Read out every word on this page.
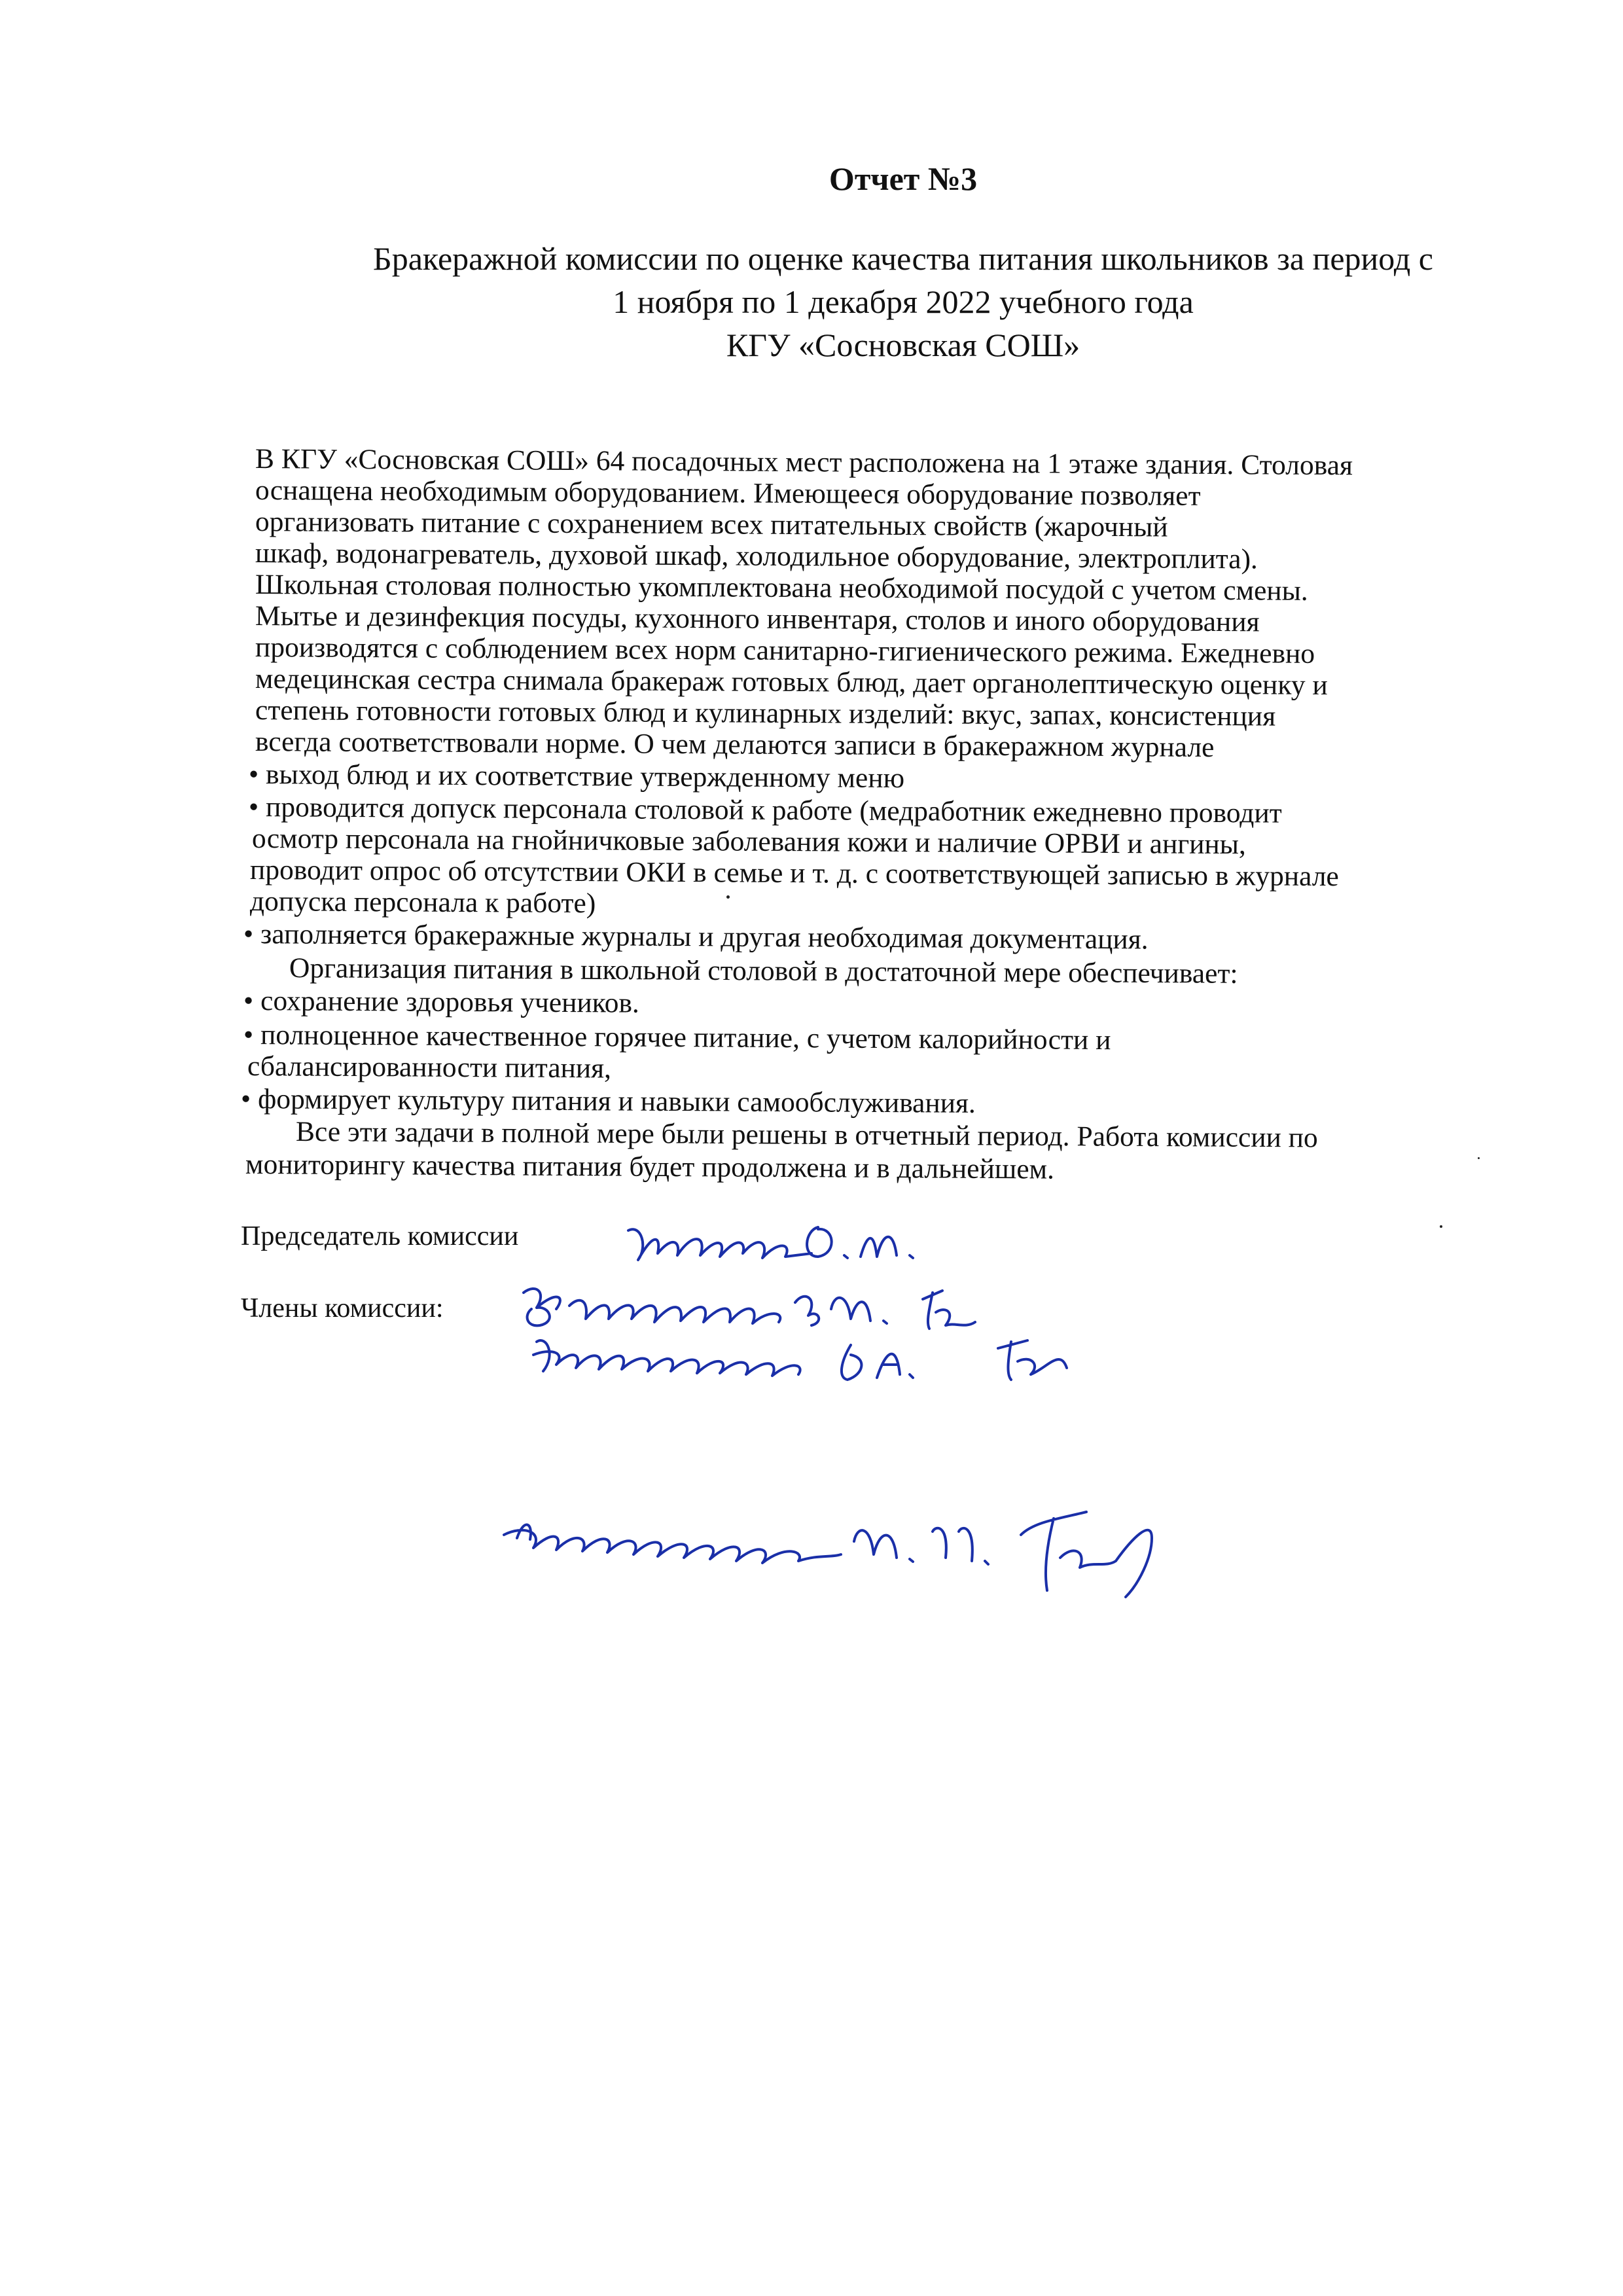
Отчет №3
Бракеражной комиссии по оценке качества питания школьников за период с
1 ноября по 1 декабря 2022 учебного года
КГУ «Сосновская СОШ»
В КГУ «Сосновская СОШ» 64 посадочных мест расположена на 1 этаже здания. Столовая
оснащена необходимым оборудованием. Имеющееся оборудование позволяет
организовать питание с сохранением всех питательных свойств (жарочный
шкаф, водонагреватель, духовой шкаф, холодильное оборудование, электроплита).
Школьная столовая полностью укомплектована необходимой посудой с учетом смены.
Мытье и дезинфекция посуды, кухонного инвентаря, столов и иного оборудования
производятся с соблюдением всех норм санитарно-гигиенического режима. Ежедневно
медецинская сестра снимала бракераж готовых блюд, дает органолептическую оценку и
степень готовности готовых блюд и кулинарных изделий: вкус, запах, консистенция
всегда соответствовали норме. О чем делаются записи в бракеражном журнале
• выход блюд и их соответствие утвержденному меню
• проводится допуск персонала столовой к работе (медработник ежедневно проводит
осмотр персонала на гнойничковые заболевания кожи и наличие ОРВИ и ангины,
проводит опрос об отсутствии ОКИ в семье и т. д. с соответствующей записью в журнале
допуска персонала к работе)
• заполняется бракеражные журналы и другая необходимая документация.
Организация питания в школьной столовой в достаточной мере обеспечивает:
• сохранение здоровья учеников.
• полноценное качественное горячее питание, с учетом калорийности и
сбалансированности питания,
• формирует культуру питания и навыки самообслуживания.
Все эти задачи в полной мере были решены в отчетный период. Работа комиссии по
мониторингу качества питания будет продолжена и в дальнейшем.
Председатель комиссии
Члены комиссии:
